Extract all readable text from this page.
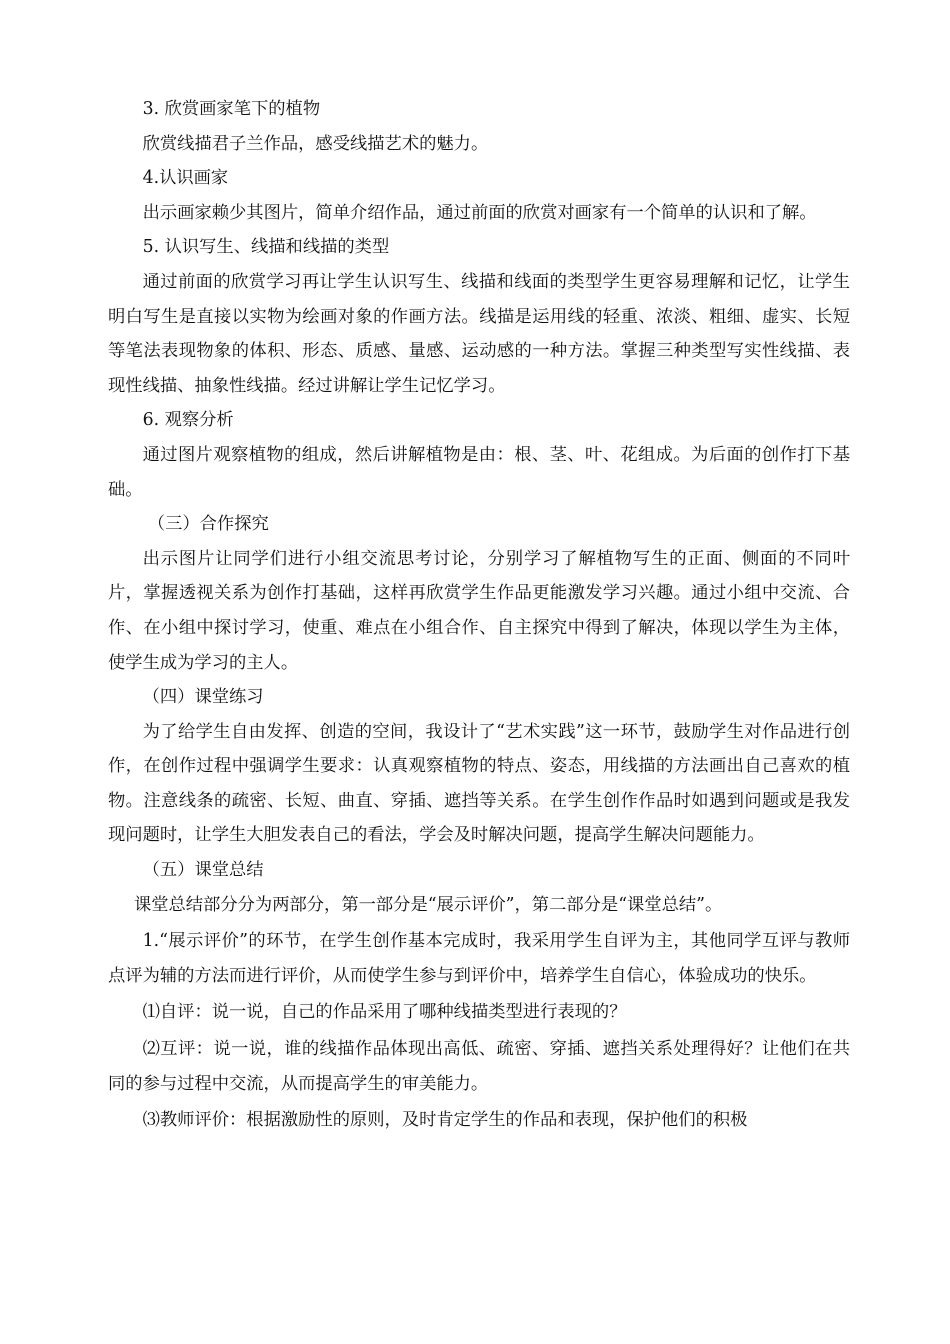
3. 欣赏画家笔下的植物

欣赏线描君子兰作品，感受线描艺术的魅力。

4.认识画家

出示画家赖少其图片，简单介绍作品，通过前面的欣赏对画家有一个简单的认识和了解。

5. 认识写生、线描和线描的类型

通过前面的欣赏学习再让学生认识写生、线描和线面的类型学生更容易理解和记忆，让学生明白写生是直接以实物为绘画对象的作画方法。线描是运用线的轻重、浓淡、粗细、虚实、长短等笔法表现物象的体积、形态、质感、量感、运动感的一种方法。掌握三种类型写实性线描、表现性线描、抽象性线描。经过讲解让学生记忆学习。

6. 观察分析

通过图片观察植物的组成，然后讲解植物是由：根、茎、叶、花组成。为后面的创作打下基础。

（三）合作探究

出示图片让同学们进行小组交流思考讨论，分别学习了解植物写生的正面、侧面的不同叶片，掌握透视关系为创作打基础，这样再欣赏学生作品更能激发学习兴趣。通过小组中交流、合作、在小组中探讨学习，使重、难点在小组合作、自主探究中得到了解决，体现以学生为主体，使学生成为学习的主人。

（四）课堂练习

为了给学生自由发挥、创造的空间，我设计了“艺术实践”这一环节，鼓励学生对作品进行创作，在创作过程中强调学生要求：认真观察植物的特点、姿态，用线描的方法画出自己喜欢的植物。注意线条的疏密、长短、曲直、穿插、遮挡等关系。在学生创作作品时如遇到问题或是我发现问题时，让学生大胆发表自己的看法，学会及时解决问题，提高学生解决问题能力。

（五）课堂总结

课堂总结部分分为两部分，第一部分是“展示评价”，第二部分是“课堂总结”。

1.“展示评价”的环节，在学生创作基本完成时，我采用学生自评为主，其他同学互评与教师点评为辅的方法而进行评价，从而使学生参与到评价中，培养学生自信心，体验成功的快乐。

⑴自评：说一说，自己的作品采用了哪种线描类型进行表现的？

⑵互评：说一说，谁的线描作品体现出高低、疏密、穿插、遮挡关系处理得好？让他们在共同的参与过程中交流，从而提高学生的审美能力。

⑶教师评价：根据激励性的原则，及时肯定学生的作品和表现，保护他们的积极
